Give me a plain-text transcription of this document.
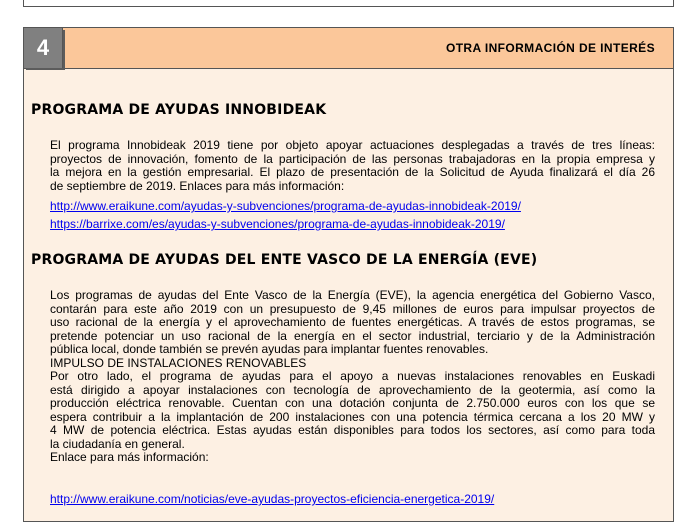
4	OTRA INFORMACIÓN DE INTERÉS
PROGRAMA DE AYUDAS INNOBIDEAK
El programa Innobideak 2019 tiene por objeto apoyar actuaciones desplegadas a través de tres líneas:
proyectos de innovación, fomento de la participación de las personas trabajadoras en la propia empresa y
la mejora en la gestión empresarial. El plazo de presentación de la Solicitud de Ayuda finalizará el día 26
de septiembre de 2019. Enlaces para más información:
http://www.eraikune.com/ayudas-y-subvenciones/programa-de-ayudas-innobideak-2019/
https://barrixe.com/es/ayudas-y-subvenciones/programa-de-ayudas-innobideak-2019/
PROGRAMA DE AYUDAS DEL ENTE VASCO DE LA ENERGÍA (EVE)
Los programas de ayudas del Ente Vasco de la Energía (EVE), la agencia energética del Gobierno Vasco,
contarán para este año 2019 con un presupuesto de 9,45 millones de euros para impulsar proyectos de
uso racional de la energía y el aprovechamiento de fuentes energéticas. A través de estos programas, se
pretende potenciar un uso racional de la energía en el sector industrial, terciario y de la Administración
pública local, donde también se prevén ayudas para implantar fuentes renovables.
IMPULSO DE INSTALACIONES RENOVABLES
Por otro lado, el programa de ayudas para el apoyo a nuevas instalaciones renovables en Euskadi
está dirigido a apoyar instalaciones con tecnología de aprovechamiento de la geotermia, así como la
producción eléctrica renovable. Cuentan con una dotación conjunta de 2.750.000 euros con los que se
espera contribuir a la implantación de 200 instalaciones con una potencia térmica cercana a los 20 MW y
4 MW de potencia eléctrica. Estas ayudas están disponibles para todos los sectores, así como para toda
la ciudadanía en general.
Enlace para más información:
http://www.eraikune.com/noticias/eve-ayudas-proyectos-eficiencia-energetica-2019/
